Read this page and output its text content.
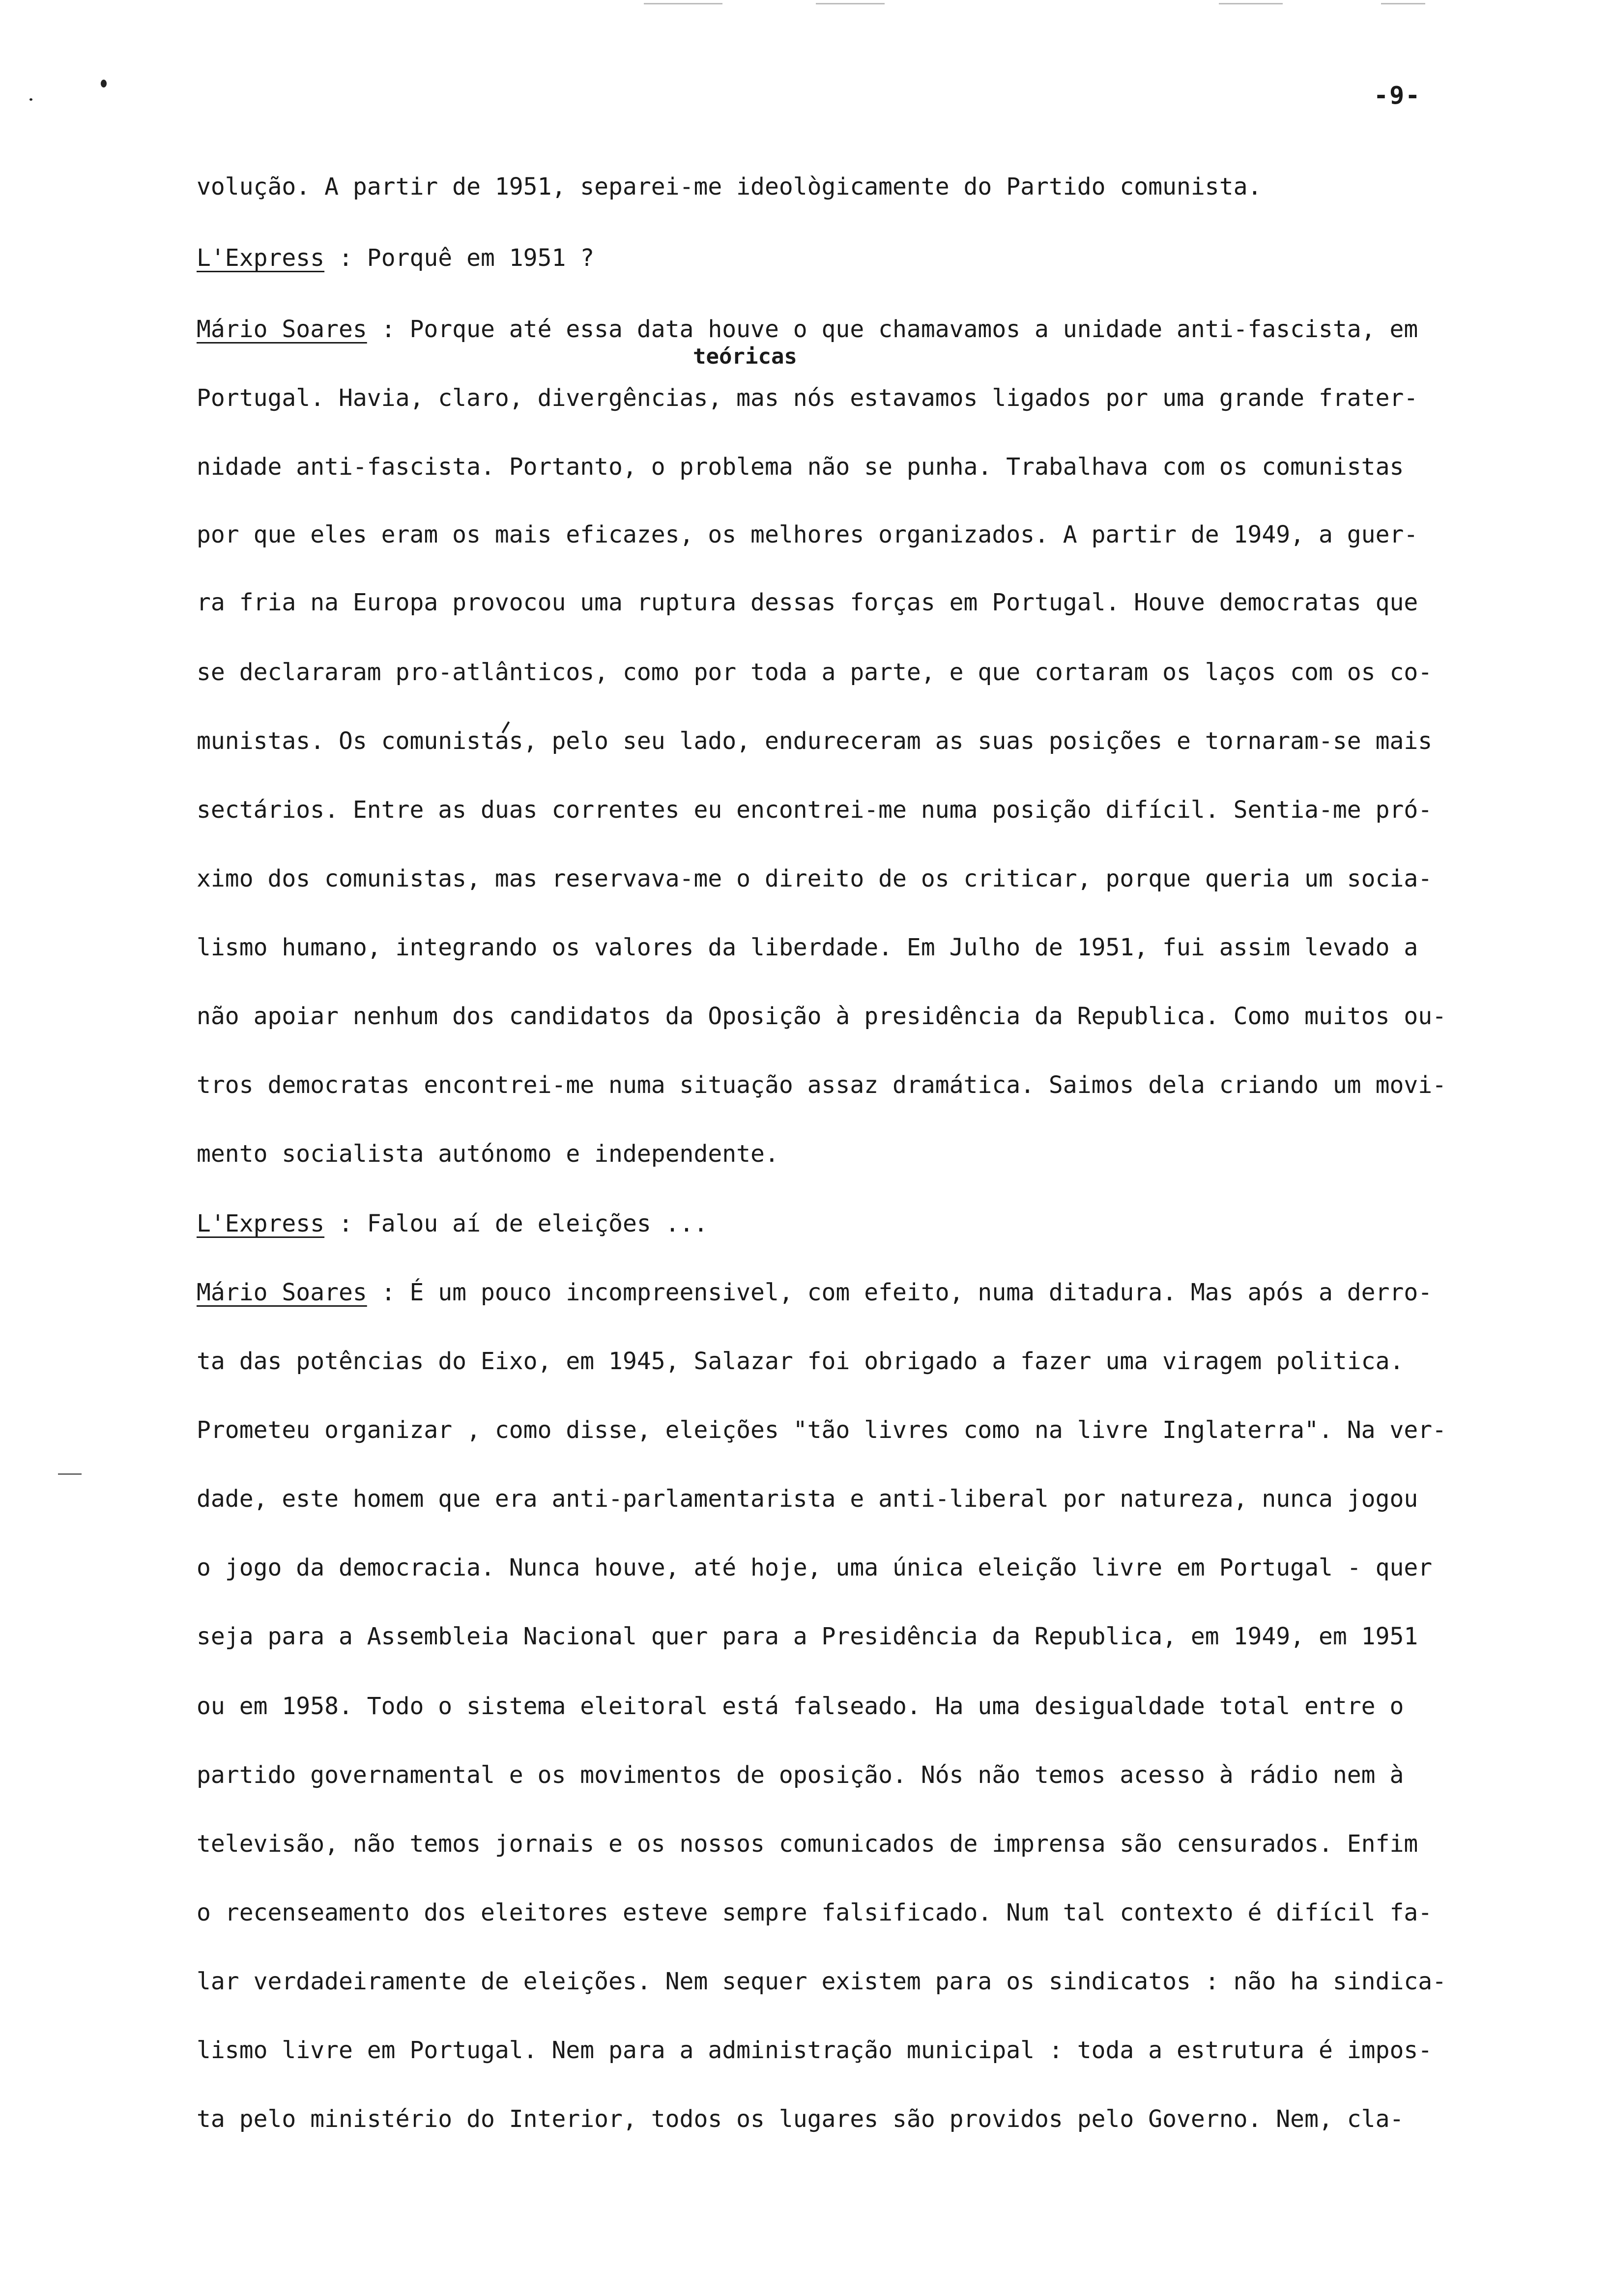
-9-
teóricas
volução. A partir de 1951, separei-me ideològicamente do Partido comunista.
L'Express : Porquê em 1951 ?
Mário Soares : Porque até essa data houve o que chamavamos a unidade anti-fascista, em
Portugal. Havia, claro, divergências, mas nós estavamos ligados por uma grande frater-
nidade anti-fascista. Portanto, o problema não se punha. Trabalhava com os comunistas
por que eles eram os mais eficazes, os melhores organizados. A partir de 1949, a guer-
ra fria na Europa provocou uma ruptura dessas forças em Portugal. Houve democratas que
se declararam pro-atlânticos, como por toda a parte, e que cortaram os laços com os co-
munistas. Os comunistas, pelo seu lado, endureceram as suas posições e tornaram-se mais
sectários. Entre as duas correntes eu encontrei-me numa posição difícil. Sentia-me pró-
ximo dos comunistas, mas reservava-me o direito de os criticar, porque queria um socia-
lismo humano, integrando os valores da liberdade. Em Julho de 1951, fui assim levado a
não apoiar nenhum dos candidatos da Oposição à presidência da Republica. Como muitos ou-
tros democratas encontrei-me numa situação assaz dramática. Saimos dela criando um movi-
mento socialista autónomo e independente.
L'Express : Falou aí de eleições ...
Mário Soares : É um pouco incompreensivel, com efeito, numa ditadura. Mas após a derro-
ta das potências do Eixo, em 1945, Salazar foi obrigado a fazer uma viragem politica.
Prometeu organizar , como disse, eleições "tão livres como na livre Inglaterra". Na ver-
dade, este homem que era anti-parlamentarista e anti-liberal por natureza, nunca jogou
o jogo da democracia. Nunca houve, até hoje, uma única eleição livre em Portugal - quer
seja para a Assembleia Nacional quer para a Presidência da Republica, em 1949, em 1951
ou em 1958. Todo o sistema eleitoral está falseado. Ha uma desigualdade total entre o
partido governamental e os movimentos de oposição. Nós não temos acesso à rádio nem à
televisão, não temos jornais e os nossos comunicados de imprensa são censurados. Enfim
o recenseamento dos eleitores esteve sempre falsificado. Num tal contexto é difícil fa-
lar verdadeiramente de eleições. Nem sequer existem para os sindicatos : não ha sindica-
lismo livre em Portugal. Nem para a administração municipal : toda a estrutura é impos-
ta pelo ministério do Interior, todos os lugares são providos pelo Governo. Nem, cla-
